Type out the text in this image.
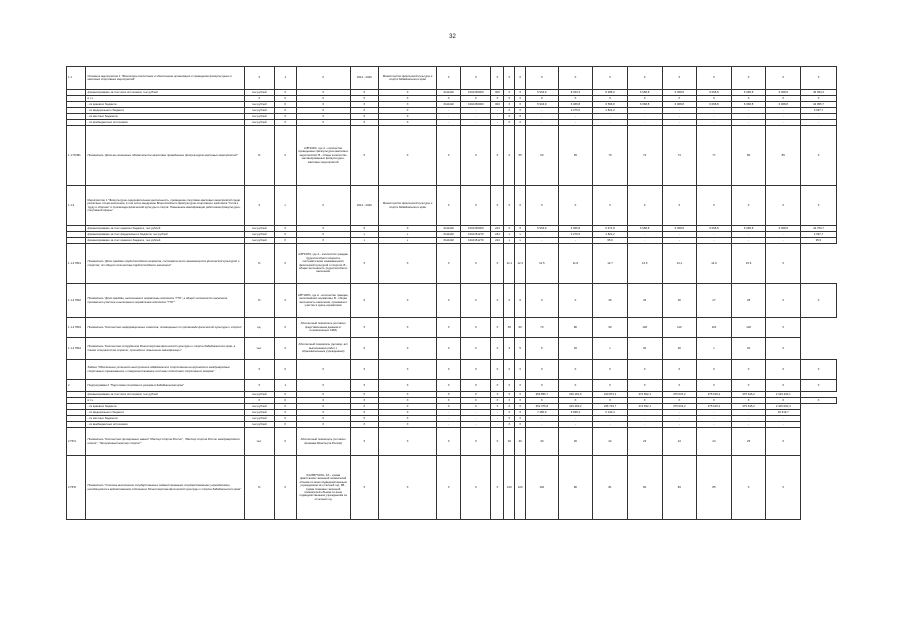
32
1.1	Основное мероприятие 1 "Физическое воспитание и обеспечение организации и проведения физкультурных и массовых спортивных мероприятий"	Х	1	Х	2014 - 2020	Министерство физической культуры и спорта Забайкальского края	Х	Х	Х	Х	Х	Х	Х	Х	Х	Х	Х	Х	Х	Х
	финансирование за счет всех источников, тыс.рублей	тыс.рублей	Х	Х	Х	Х	0111102	1010150000	000	Х	Х	5 934,9	8 343,3	8 388,0	6 068,8	6 068,8	6 068,8	6 068,8	6 068,8	46 953,4
	в т.ч.	Х	Х	Х	Х	Х	Х	Х	Х	Х	Х	Х	Х	Х	Х	Х	Х	Х	Х	Х
	- из краевого бюджета	тыс.рублей	Х	Х	Х	Х	0111102	1010150000	000	Х	Х	5 934,9	6 066,8	6 566,8	6 068,8	6 068,8	6 068,8	6 068,8	6 068,8	42 955,7
	- из федерального бюджета	тыс.рублей	Х	Х	Х	Х	-	-	-	Х	Х	-	2 276,5	1 821,2	-	-	-	-	-	4 097,7
	- из местных бюджетов	тыс.рублей	Х	Х	Х	Х	-	-	-	Х	Х	-	-	-	-	-	-	-	-	-
	- из внебюджетных источников	тыс.рублей	Х	Х	Х	Х	-	-	-	Х	Х	-	-	-	-	-	-	-	-	-
1.1 ПОМ1	Показатель "Доля вы-полненных обязательств качествен проведенных физкультурно-массовых мероприятий"	%	Х	А/В*100%, где А - количество проведенных физкультурно-массовых мероприятий; В - общее количество запланированных физкультурно-массовых мероприятий	Х	Х	Х	Х	Х	Х	55	60	65	70	72	74	77	80	85	Х
1.1.2.	Мероприятие 1 "Физкультурно-оздоровительная деятельность, проведение спортивно-массовых мероприятий среди различных слоев населения, в том числе внедрение Всероссийского физкультурно-спортивного комплекса "Готов к труду и обороне" и пропаганда физической культуры и спорта. Повышение квалификации работников физкультурно-спортивной сферы"	Х	х	Х	2014 - 2020	Министерство физической культуры и спорта Забайкальского края	Х	Х	Х	Х	Х	Х	Х	Х	Х	Х	Х	Х	Х	Х
	финансирование за счет краевого бюджета, тыс.рублей	тыс.рублей	Х	Х	Х	Х	0111102	1010150000	244	Х	Х	5 934,9	6 066,8	6 471,8	6 068,8	6 068,8	6 068,8	6 068,8	6 068,8	42 760,7
	финансирование за счет федерального бюджета, тыс.рублей	тыс.рублей	Х	Х	х	х	0111102	1010151270	244	х	х	-	2 276,5	1 821,2	-	-	-	-	-	4 097,7
	финансирование за счет краевого бюджета, тыс.рублей	тыс.рублей	Х	Х	х	х	0111102	1010151270	244	х	х	-	-	95,0	-	-	-	-	-	95,0
1.1.2 ПМ1	Показатель "Доля граждан трудоспособного возраста, систематически занимающихся физической культурой и спортом, от общего количества трудоспособного населения"	%	Х	А/В*100%, где А - количество граждан трудоспособного возраста, систематически занимающихся физической культурой и спортом; В - общая численность трудоспособного населения	Х	Х	Х	Х	Х	12,1	12,4	12,5	11,8	12,7	13,5	14,1	14,9	15,6	Х	
1.1.2 ПМ2	Показатель "Доля граждан, выполнивших нормативы комплекса "ГТО", в общей численности населения, принявшего участие в выполнении нормативов комплекса "ГТО""	%	Х	А/В*100%, где А - количество граждан, выполнивших нормативы; В - общая численность населения, принявшего участие в сдаче нормативов	Х	Х	Х	Х	Х	Х	Х	Х	Х	25	25	26	27	28	Х	Х
1.1.2 ПМ3	Показатель "Количество информационных сюжетов, посвященных по пропаганде физической культуры и спорта"	ед.	Х	Абсолютный показатель (согласно представленным данным от телевизионных СМИ)	Х	Х	Х	Х	Х	50	60	70	80	90	100	110	115	120	Х	
1.1.2 ПМ4	Показатель "Количество сотрудников Министерства физической культуры и спорта Забайкальского края, а также специалистов отрасли, прошедших повышение квалификации"	чел.	Х	Абсолютный показатель (договор, акт выполненных работ с образовательным учреждением)	Х	Х	Х	Х	Х	5	5	5	20	х	20	20	х	20	Х	
	Задача "Обеспечение успешного выступления забайкальских спортсменов на крупнейших международных спортивных соревнованиях и совершенствование системы подготовки спортивного резерва"	Х	Х	Х	Х	Х	Х	Х	Х	Х	Х	Х	Х	Х	Х	Х	Х	Х	Х	Х
2	Подпрограмма 2 "Подготовка спортивного резерва в Забайкальском крае"	Х	1	Х	Х	Х	Х	Х	Х	Х	Х	Х	Х	Х	Х	Х	Х	Х	Х	Х
	финансирование за счет всех источников, тыс.рублей	тыс.рублей	Х	Х	Х	Х	Х	Х	Х	Х	Х	359 856,7	330 181,6	243 874,1	374 652,1	375 615,2	375 615,2	375 615,2	2 423 430,1	
	в т.ч.	Х	Х	Х	Х	Х	Х	Х	Х	Х	Х	Х	Х	Х	Х	Х	Х	Х	Х	Х
	- из краевого бюджета	тыс.рублей	Х	Х	Х	Х	Х	Х	Х	Х	Х	352 375,8	323 483,2	235 733,7	374 652,1	375 615,2	375 615,2	375 615,2	2 403 090,4	
	- из федерального бюджета	тыс.рублей	Х	Х	Х	Х	-	-	-	Х	Х	7 480,9	6 698,4	6 140,4	-	-	-	-	20 319,7	
	- из местных бюджетов	тыс.рублей	Х	Х	Х	Х	-	-	-	Х	Х	-	-	-	-	-	-	-	-	
	- из внебюджетных источников	тыс.рублей	Х	Х	Х	Х	-	-	-	Х	Х	-	-	-	-	-	-	-	-	
2 ПП1	Показатель "Количество призеровных званий "Мастер спорта России", "Мастер спорта России международного класса", "Заслуженный мастер спорта""	чел.	Х	Абсолютный показатель (согласно приказам Минспорта России)	Х	Х	Х	Х	Х	30	30	30	30	22	23	24	24	25	Х	
2 ПП2	Показатель "Степень выполнения государственных заданий краевыми государственными учреждениями, находящимися в ведомственном подчинении Министерства физической культуры и спорта Забайкальского края"	%	Х	(ΣА/ΣВ)*100%, ΣА - сумма фактических значений показателей объема по всем подведомственным учреждениям за отчетный год; ΣВ - сумма плановых значений показателей объема по всем подведомственным учреждениям за отчетный год	Х	Х	Х	Х	Х	100	100	100	80	81	82	83	85	Х	Х	
